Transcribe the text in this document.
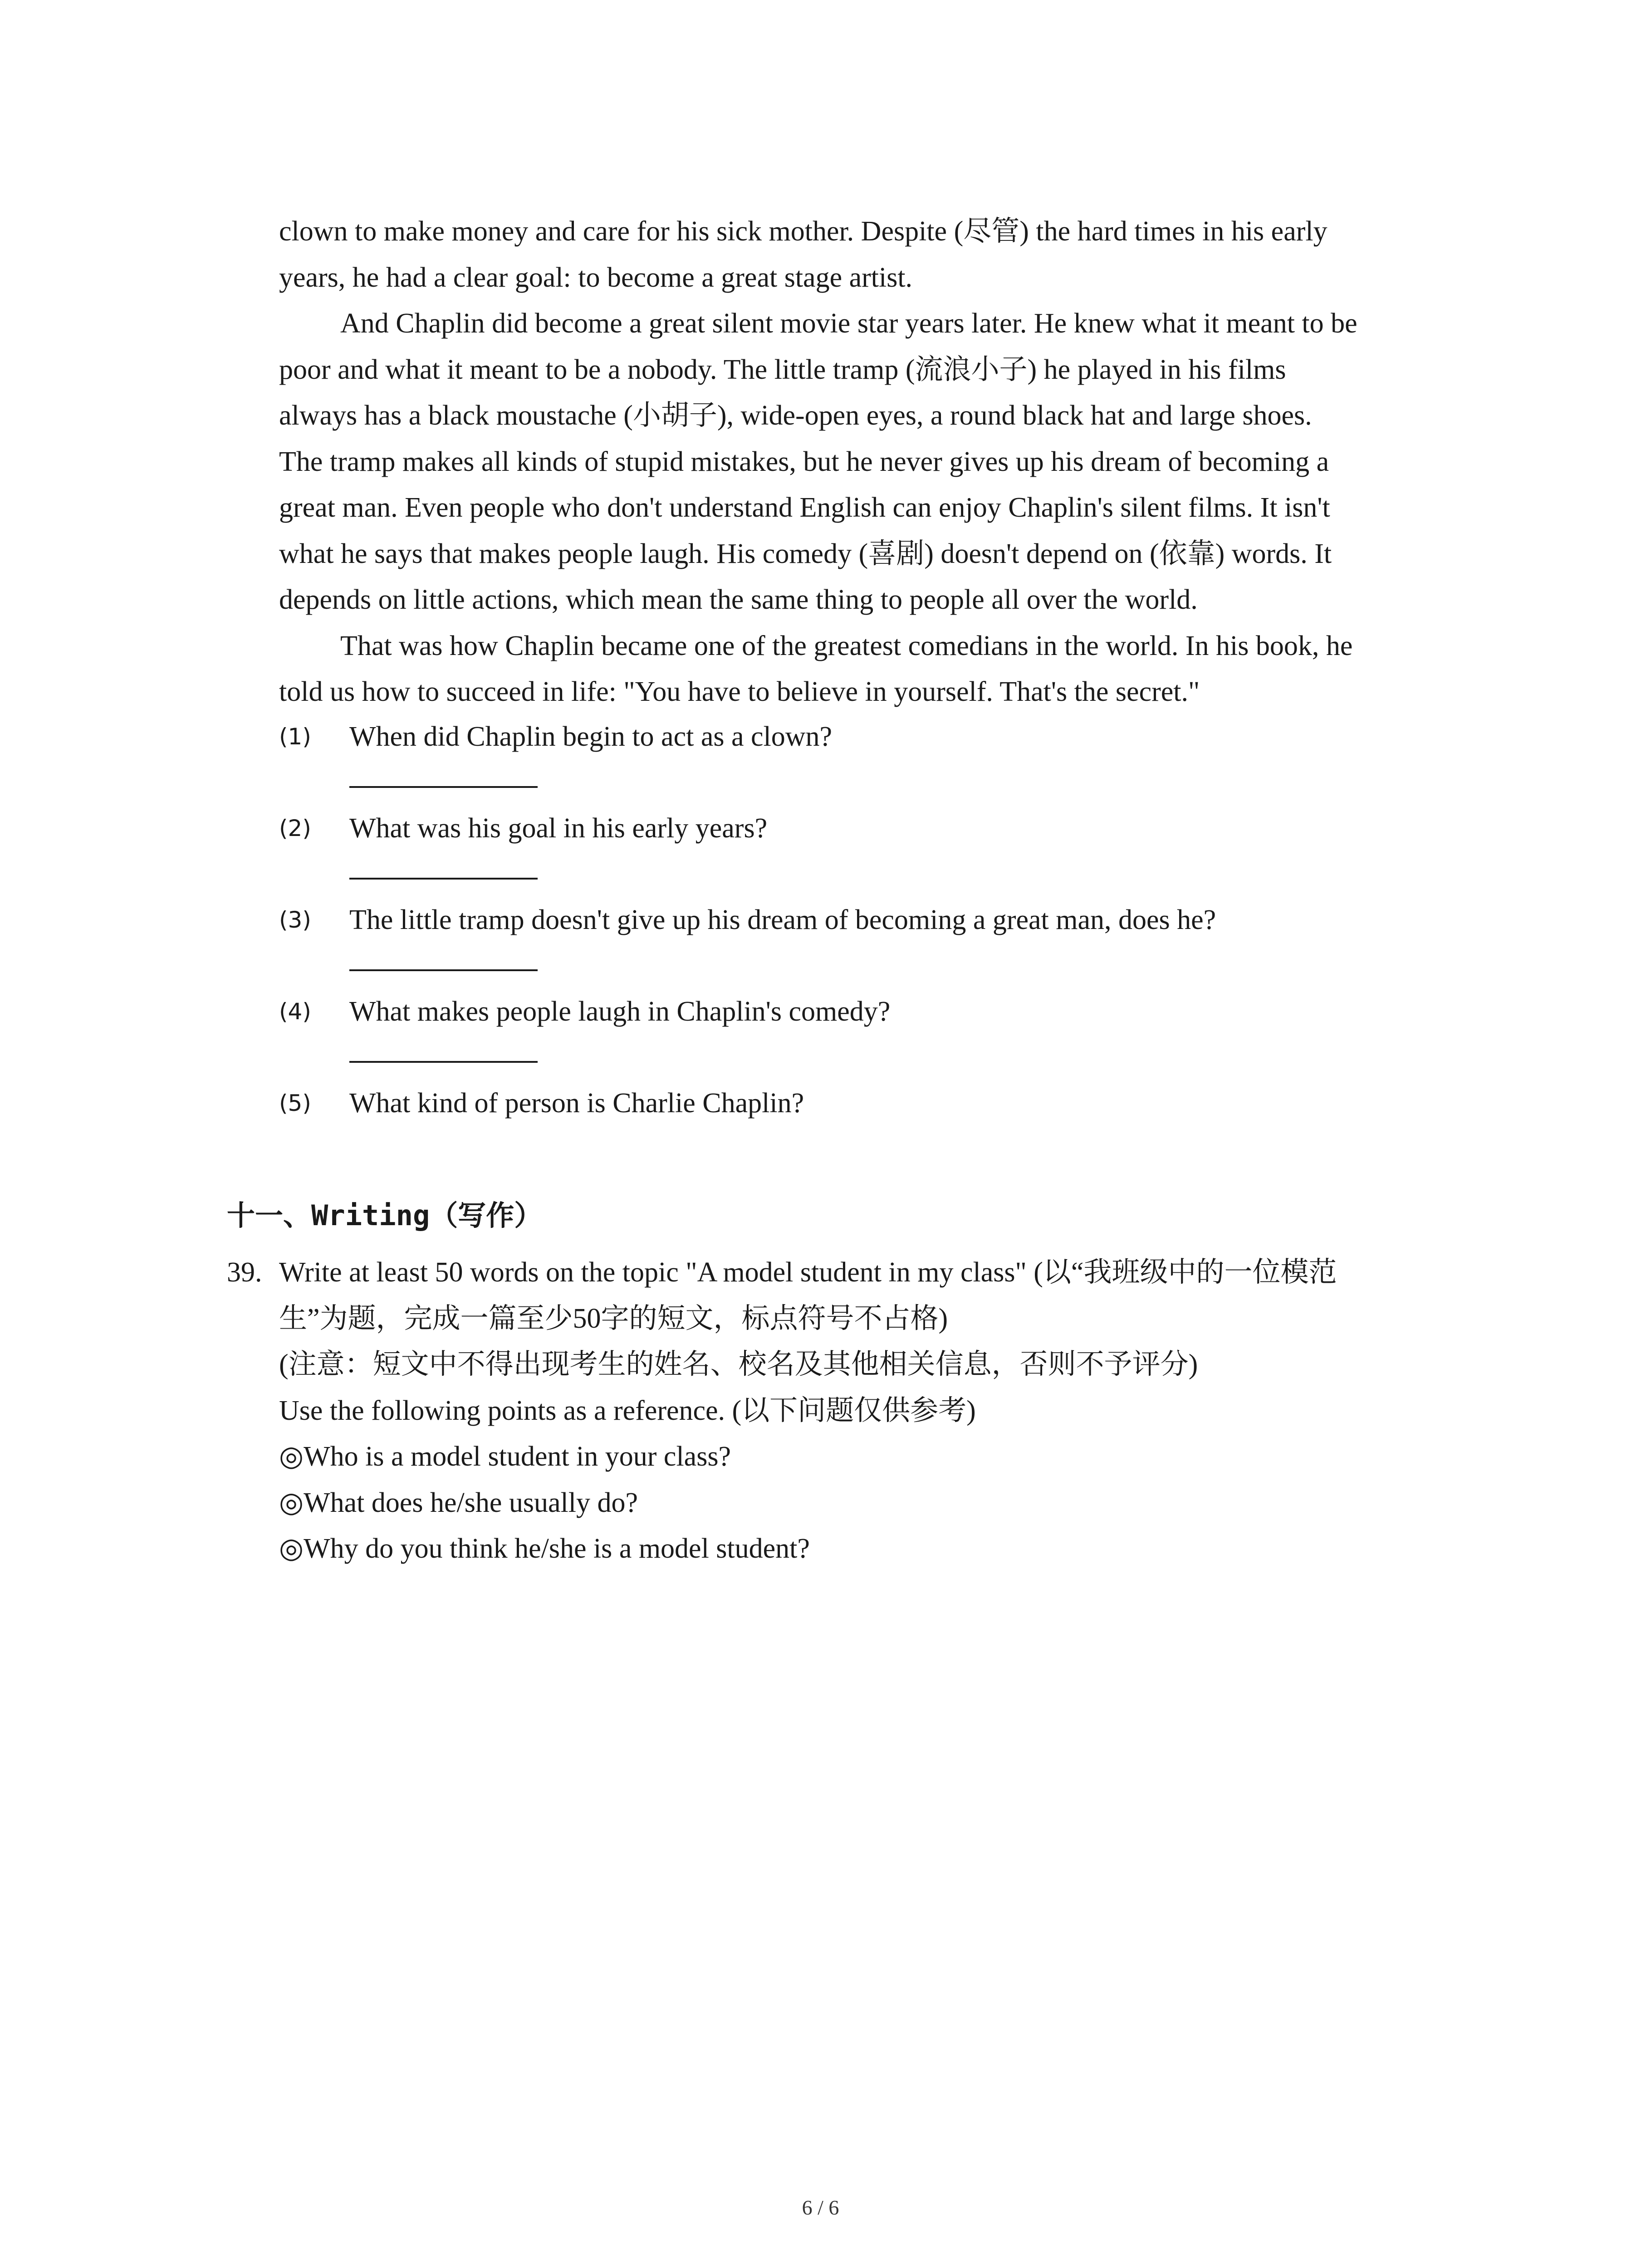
clown to make money and care for his sick mother. Despite (尽管) the hard times in his early
years, he had a clear goal: to become a great stage artist.

And Chaplin did become a great silent movie star years later. He knew what it meant to be
poor and what it meant to be a nobody. The little tramp (流浪小子) he played in his films
always has a black moustache (小胡子), wide-open eyes, a round black hat and large shoes.
The tramp makes all kinds of stupid mistakes, but he never gives up his dream of becoming a
great man. Even people who don't understand English can enjoy Chaplin's silent films. It isn't
what he says that makes people laugh. His comedy (喜剧) doesn't depend on (依靠) words. It
depends on little actions, which mean the same thing to people all over the world.

That was how Chaplin became one of the greatest comedians in the world. In his book, he
told us how to succeed in life: "You have to believe in yourself. That's the secret."

(1) When did Chaplin begin to act as a clown?
(2) What was his goal in his early years?
(3) The little tramp doesn't give up his dream of becoming a great man, does he?
(4) What makes people laugh in Chaplin's comedy?
(5) What kind of person is Charlie Chaplin?
十一、Writing（写作）
39. Write at least 50 words on the topic "A model student in my class" (以“我班级中的一位模范
生”为题，完成一篇至少50字的短文，标点符号不占格)
(注意：短文中不得出现考生的姓名、校名及其他相关信息，否则不予评分)
Use the following points as a reference. (以下问题仅供参考)
◎Who is a model student in your class?
◎What does he/she usually do?
◎Why do you think he/she is a model student?
6 / 6
